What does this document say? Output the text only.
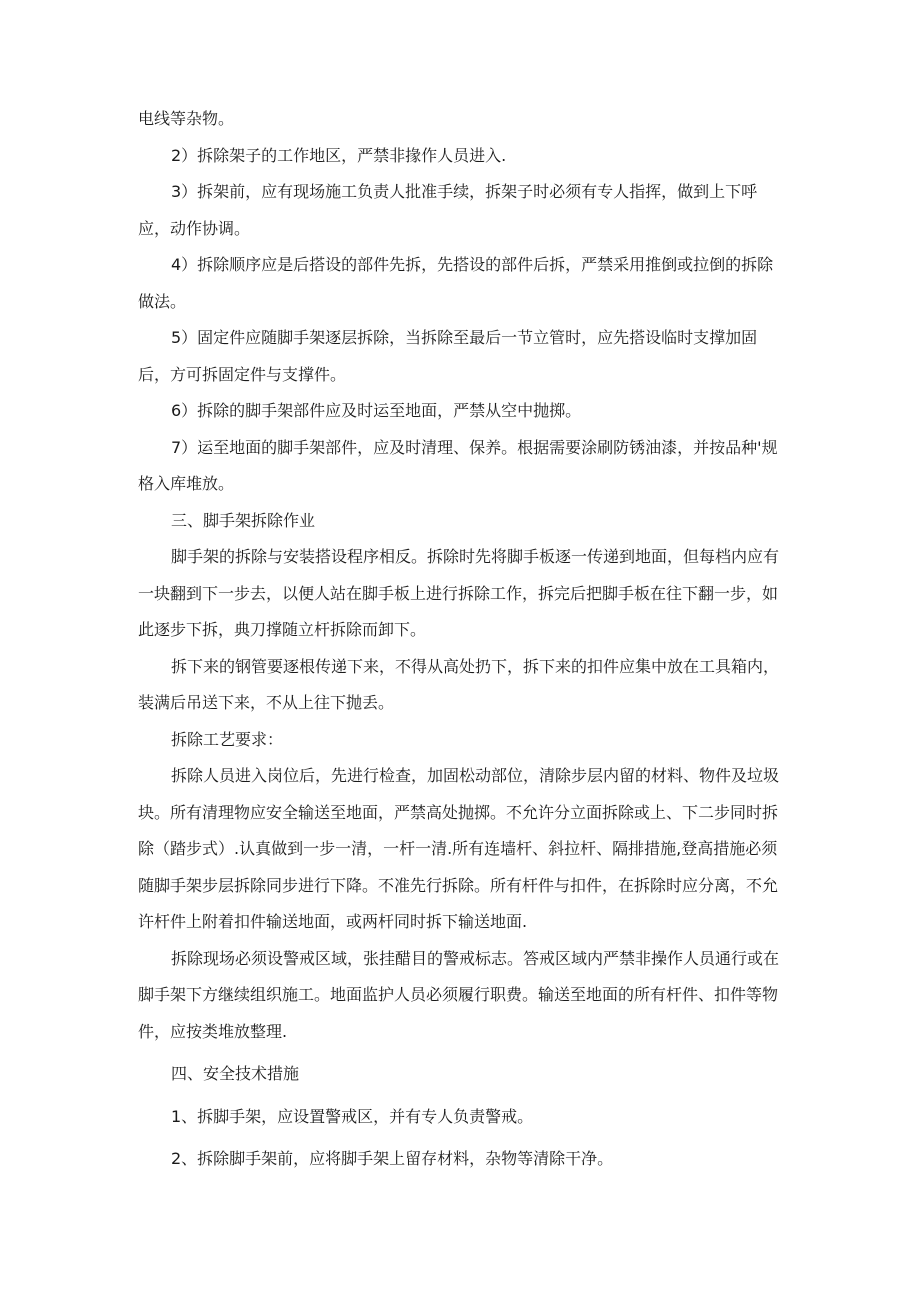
电线等杂物。

2）拆除架子的工作地区，严禁非掾作人员进入.

3）拆架前，应有现场施工负责人批准手续，拆架子时必须有专人指挥，做到上下呼应，动作协调。

4）拆除顺序应是后搭设的部件先拆，先搭设的部件后拆，严禁采用推倒或拉倒的拆除做法。

5）固定件应随脚手架逐层拆除，当拆除至最后一节立管时，应先搭设临时支撑加固后，方可拆固定件与支撑件。

6）拆除的脚手架部件应及时运至地面，严禁从空中抛掷。

7）运至地面的脚手架部件，应及时清理、保养。根据需要涂刷防锈油漆，并按品种'规格入库堆放。

三、脚手架拆除作业

脚手架的拆除与安装搭设程序相反。拆除时先将脚手板逐一传递到地面，但每档内应有一块翻到下一步去，以便人站在脚手板上进行拆除工作，拆完后把脚手板在往下翻一步，如此逐步下拆，典刀撑随立杆拆除而卸下。

拆下来的钢管要逐根传递下来，不得从高处扔下，拆下来的扣件应集中放在工具箱内，装满后吊送下来，不从上往下抛丢。

拆除工艺要求：

拆除人员进入岗位后，先进行检查，加固松动部位，清除步层内留的材料、物件及垃圾块。所有清理物应安全输送至地面，严禁高处抛掷。不允许分立面拆除或上、下二步同时拆除（踏步式）.认真做到一步一清，一杆一清.所有连墙杆、斜拉杆、隔排措施,登高措施必须随脚手架步层拆除同步进行下降。不准先行拆除。所有杆件与扣件，在拆除时应分离，不允许杆件上附着扣件输送地面，或两杆同时拆下输送地面.

拆除现场必须设警戒区域，张挂醋目的警戒标志。答戒区域内严禁非操作人员通行或在脚手架下方继续组织施工。地面监护人员必须履行职费。输送至地面的所有杆件、扣件等物件，应按类堆放整理.

四、安全技术措施

1、拆脚手架，应设置警戒区，并有专人负责警戒。

2、拆除脚手架前，应将脚手架上留存材料，杂物等清除干净。
